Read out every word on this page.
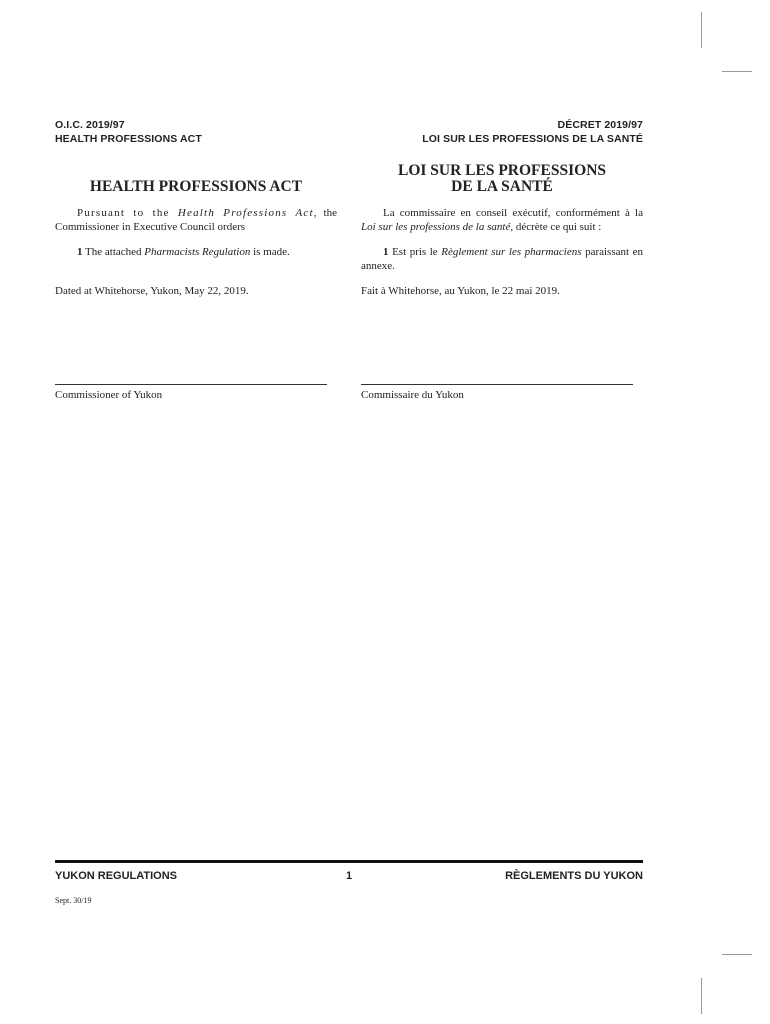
O.I.C. 2019/97
HEALTH PROFESSIONS ACT
DÉCRET 2019/97
LOI SUR LES PROFESSIONS DE LA SANTÉ
HEALTH PROFESSIONS ACT
Pursuant to the Health Professions Act, the Commissioner in Executive Council orders
1 The attached Pharmacists Regulation is made.
Dated at Whitehorse, Yukon, May 22, 2019.
Commissioner of Yukon
LOI SUR LES PROFESSIONS
DE LA SANTÉ
La commissaire en conseil exécutif, conformément à la Loi sur les professions de la santé, décrète ce qui suit :
1 Est pris le Règlement sur les pharmaciens paraissant en annexe.
Fait à Whitehorse, au Yukon, le 22 mai 2019.
Commissaire du Yukon
YUKON REGULATIONS	1	RÈGLEMENTS DU YUKON
Sept. 30/19
